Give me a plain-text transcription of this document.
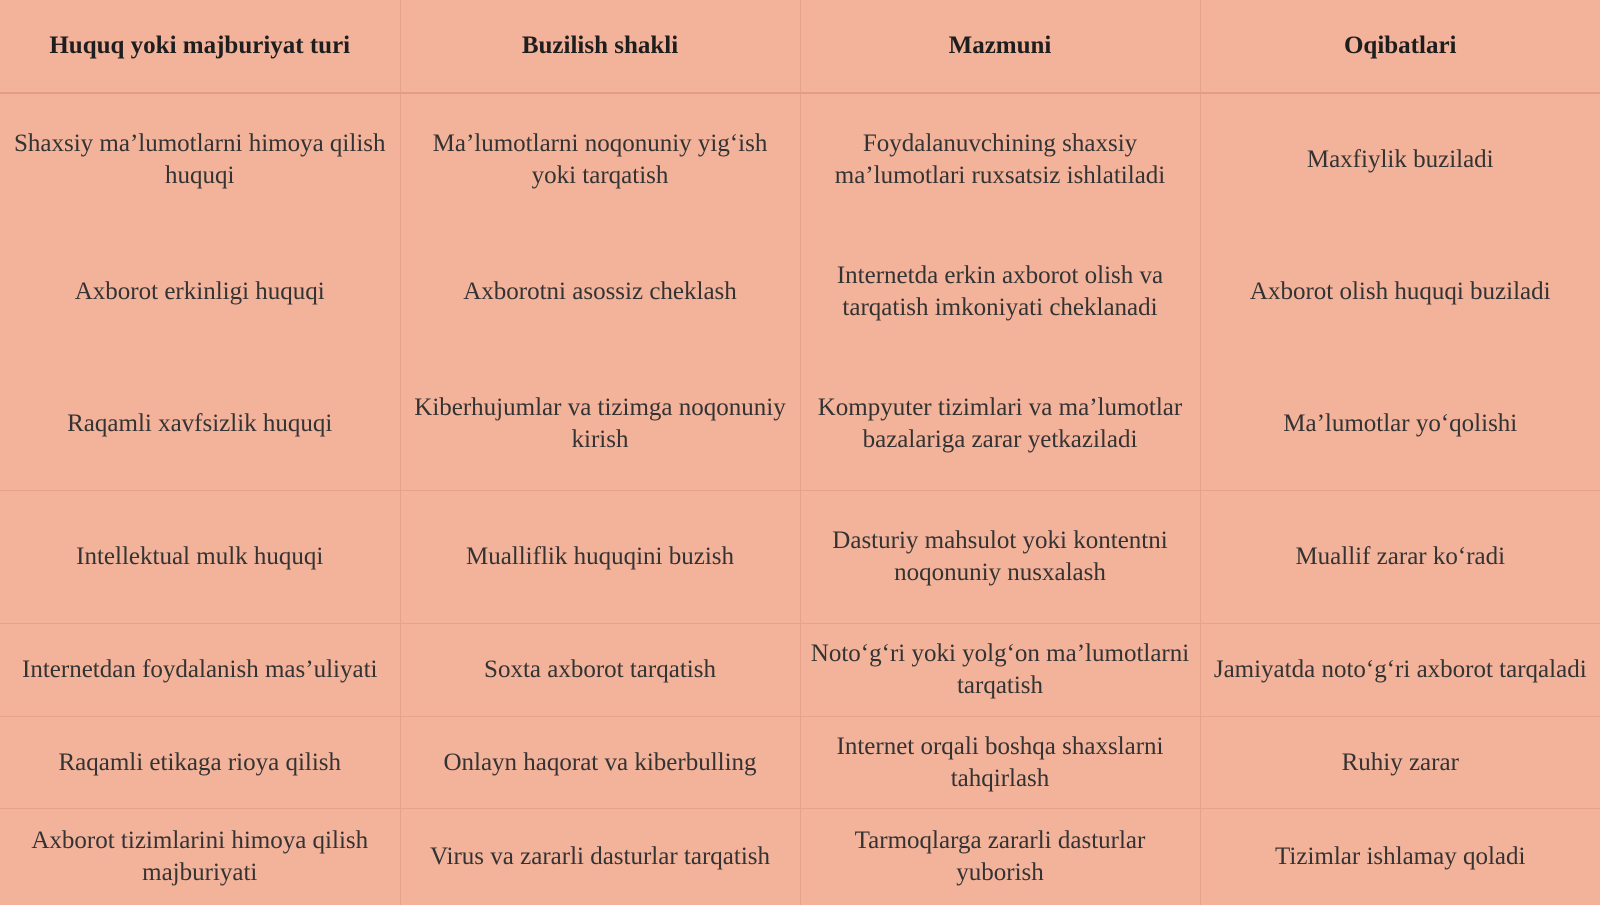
Huquq yoki majburiyat turi	Buzilish shakli	Mazmuni	Oqibatlari
Shaxsiy ma’lumotlarni himoya qilish huquqi	Ma’lumotlarni noqonuniy yig‘ish yoki tarqatish	Foydalanuvchining shaxsiy ma’lumotlari ruxsatsiz ishlatiladi	Maxfiylik buziladi
Axborot erkinligi huquqi	Axborotni asossiz cheklash	Internetda erkin axborot olish va tarqatish imkoniyati cheklanadi	Axborot olish huquqi buziladi
Raqamli xavfsizlik huquqi	Kiberhujumlar va tizimga noqonuniy kirish	Kompyuter tizimlari va ma’lumotlar bazalariga zarar yetkaziladi	Ma’lumotlar yo‘qolishi
Intellektual mulk huquqi	Mualliflik huquqini buzish	Dasturiy mahsulot yoki kontentni noqonuniy nusxalash	Muallif zarar ko‘radi
Internetdan foydalanish mas’uliyati	Soxta axborot tarqatish	Noto‘g‘ri yoki yolg‘on ma’lumotlarni tarqatish	Jamiyatda noto‘g‘ri axborot tarqaladi
Raqamli etikaga rioya qilish	Onlayn haqorat va kiberbulling	Internet orqali boshqa shaxslarni tahqirlash	Ruhiy zarar
Axborot tizimlarini himoya qilish majburiyati	Virus va zararli dasturlar tarqatish	Tarmoqlarga zararli dasturlar yuborish	Tizimlar ishlamay qoladi
